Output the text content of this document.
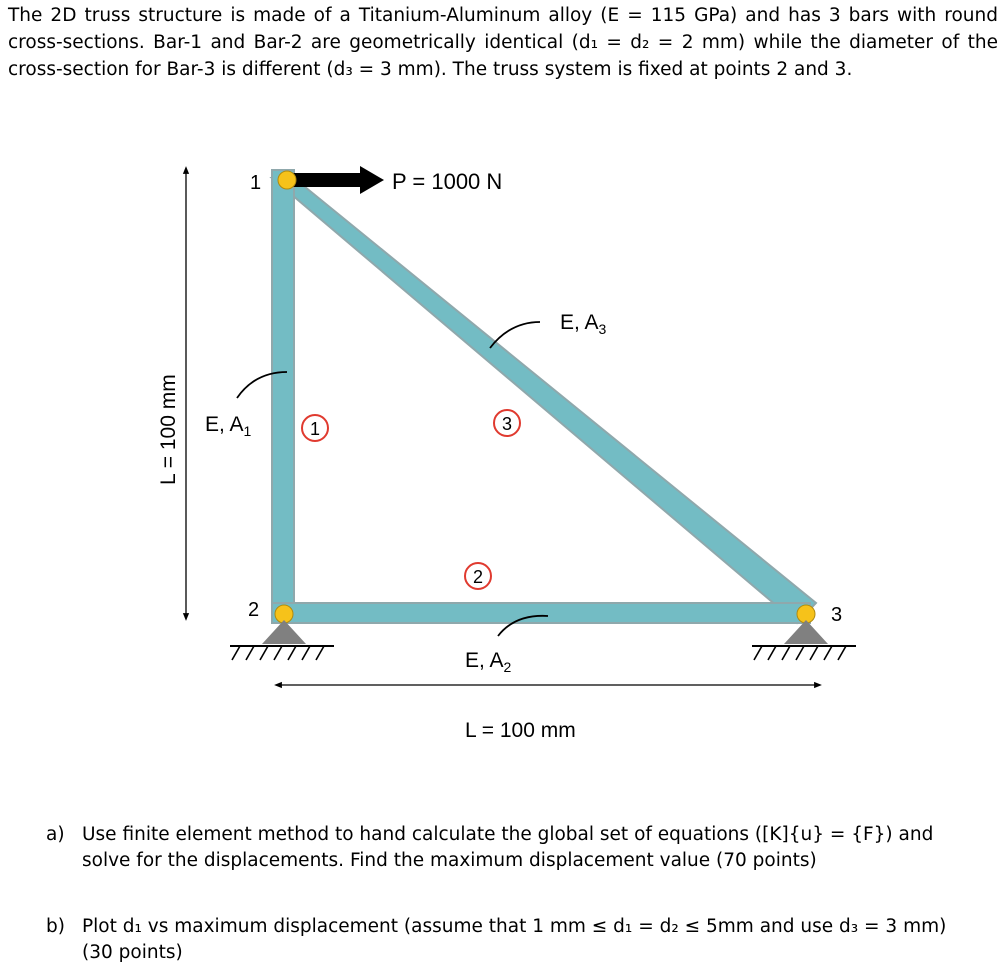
The 2D truss structure is made of a Titanium-Aluminum alloy (E = 115 GPa) and has 3 bars with round cross-sections. Bar-1 and Bar-2 are geometrically identical (d₁ = d₂ = 2 mm) while the diameter of the cross-section for Bar-3 is different (d₃ = 3 mm). The truss system is fixed at points 2 and 3.
1
2	3
P = 1000 N
1	3
2
E, $A_1$
E, $A_3$
E, $A_2$
L = 100 mm
L = 100 mm
a) Use finite element method to hand calculate the global set of equations ([K]{u} = {F}) and solve for the displacements. Find the maximum displacement value (70 points)
b) Plot d₁ vs maximum displacement (assume that 1 mm ≤ d₁ = d₂ ≤ 5mm and use d₃ = 3 mm) (30 points)
